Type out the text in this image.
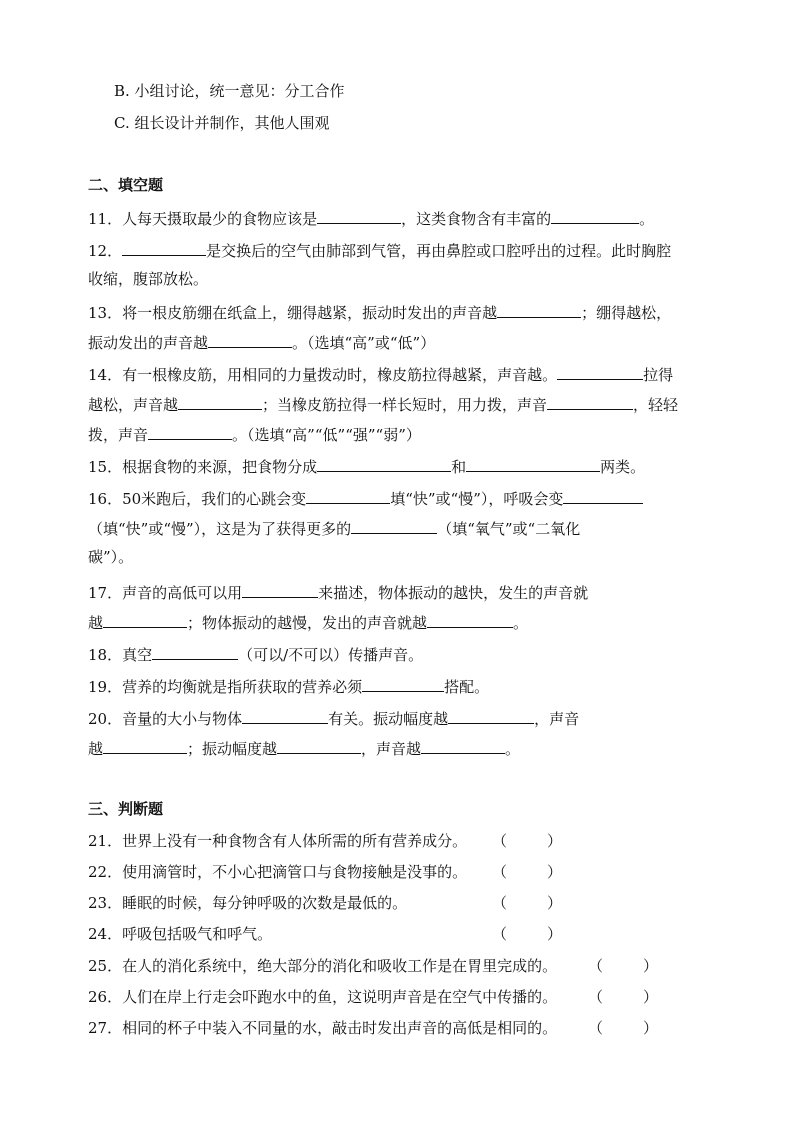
B. 小组讨论，统一意见：分工合作
C. 组长设计并制作，其他人围观
二、填空题
11．人每天摄取最少的食物应该是	，这类食物含有丰富的	。
12．	是交换后的空气由肺部到气管，再由鼻腔或口腔呼出的过程。此时胸腔
收缩，腹部放松。
13．将一根皮筋绷在纸盒上，绷得越紧，振动时发出的声音越	；绷得越松，
振动发出的声音越	。（选填“高”或“低”）
14．有一根橡皮筋，用相同的力量拨动时，橡皮筋拉得越紧，声音越。	拉得
越松，声音越	；当橡皮筋拉得一样长短时，用力拨，声音	，轻轻
拨，声音	。（选填“高”“低”“强”“弱”）
15．根据食物的来源，把食物分成	和	两类。
16．50米跑后，我们的心跳会变	填“快”或“慢”），呼吸会变
（填“快”或“慢”），这是为了获得更多的	（填“氧气”或“二氧化
碳”）。
17．声音的高低可以用	来描述，物体振动的越快，发生的声音就
越	；物体振动的越慢，发出的声音就越	。
18．真空	（可以/不可以）传播声音。
19．营养的均衡就是指所获取的营养必须	搭配。
20．音量的大小与物体	有关。振动幅度越	，声音
越	；振动幅度越	，声音越	。
三、判断题
21．世界上没有一种食物含有人体所需的所有营养成分。 （	）
22．使用滴管时，不小心把滴管口与食物接触是没事的。 （	）
23．睡眠的时候，每分钟呼吸的次数是最低的。	（	）
24．呼吸包括吸气和呼气。	（	）
25．在人的消化系统中，绝大部分的消化和吸收工作是在胃里完成的。 （	）
26．人们在岸上行走会吓跑水中的鱼，这说明声音是在空气中传播的。 （	）
27．相同的杯子中装入不同量的水，敲击时发出声音的高低是相同的。 （	）
